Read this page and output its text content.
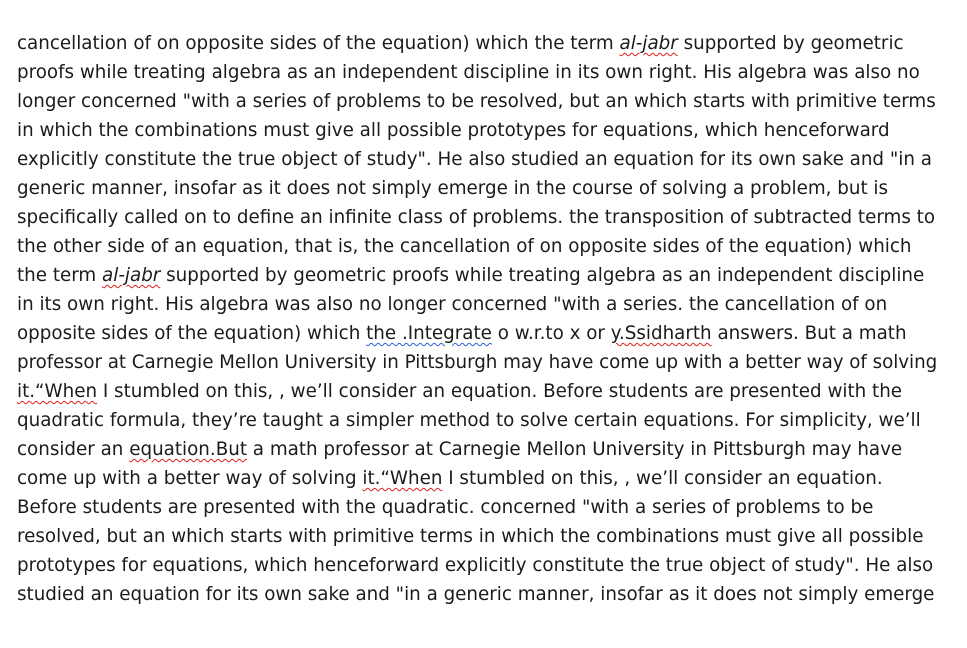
cancellation of on opposite sides of the equation) which the term al-jabr supported by geometric
proofs while treating algebra as an independent discipline in its own right. His algebra was also no
longer concerned "with a series of problems to be resolved, but an which starts with primitive terms
in which the combinations must give all possible prototypes for equations, which henceforward
explicitly constitute the true object of study". He also studied an equation for its own sake and "in a
generic manner, insofar as it does not simply emerge in the course of solving a problem, but is
specifically called on to define an infinite class of problems. the transposition of subtracted terms to
the other side of an equation, that is, the cancellation of on opposite sides of the equation) which
the term al-jabr supported by geometric proofs while treating algebra as an independent discipline
in its own right. His algebra was also no longer concerned "with a series. the cancellation of on
opposite sides of the equation) which the .Integrate o w.r.to x or y.Ssidharth answers. But a math
professor at Carnegie Mellon University in Pittsburgh may have come up with a better way of solving
it.“When I stumbled on this, , we’ll consider an equation. Before students are presented with the
quadratic formula, they’re taught a simpler method to solve certain equations. For simplicity, we’ll
consider an equation.But a math professor at Carnegie Mellon University in Pittsburgh may have
come up with a better way of solving it.“When I stumbled on this, , we’ll consider an equation.
Before students are presented with the quadratic. concerned "with a series of problems to be
resolved, but an which starts with primitive terms in which the combinations must give all possible
prototypes for equations, which henceforward explicitly constitute the true object of study". He also
studied an equation for its own sake and "in a generic manner, insofar as it does not simply emerge
